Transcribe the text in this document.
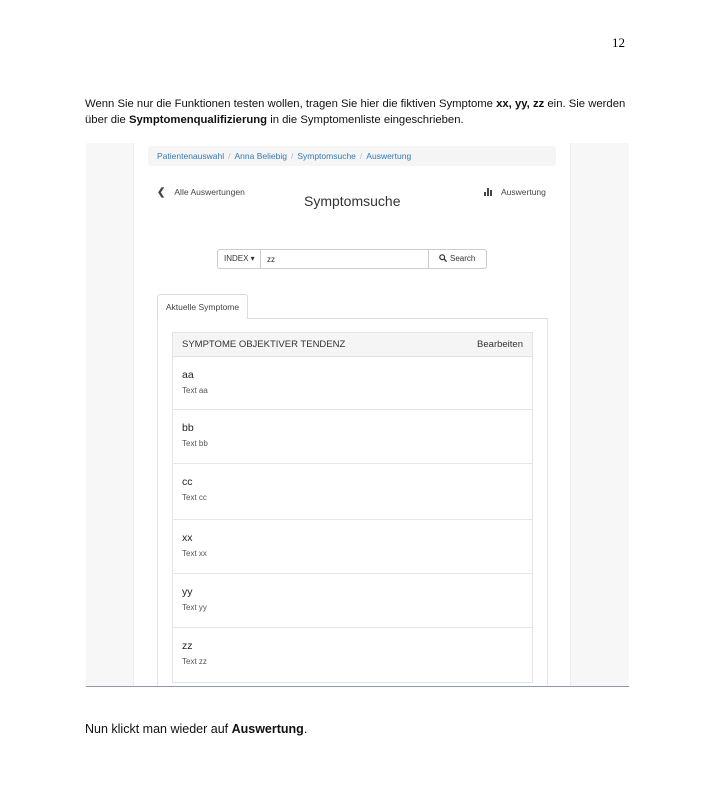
12
Wenn Sie nur die Funktionen testen wollen, tragen Sie hier die fiktiven Symptome xx, yy, zz ein. Sie werden über die Symptomenqualifizierung in die Symptomenliste eingeschrieben.
Patientenauswahl / Anna Beliebig / Symptomsuche / Auswertung
❮ Alle Auswertungen
Symptomsuche
Auswertung
INDEX ▾
zz	Search
Aktuelle Symptome
SYMPTOME OBJEKTIVER TENDENZ	Bearbeiten
aa
Text aa
bb
Text bb
cc
Text cc
xx
Text xx
yy
Text yy
zz
Text zz
Nun klickt man wieder auf Auswertung.
